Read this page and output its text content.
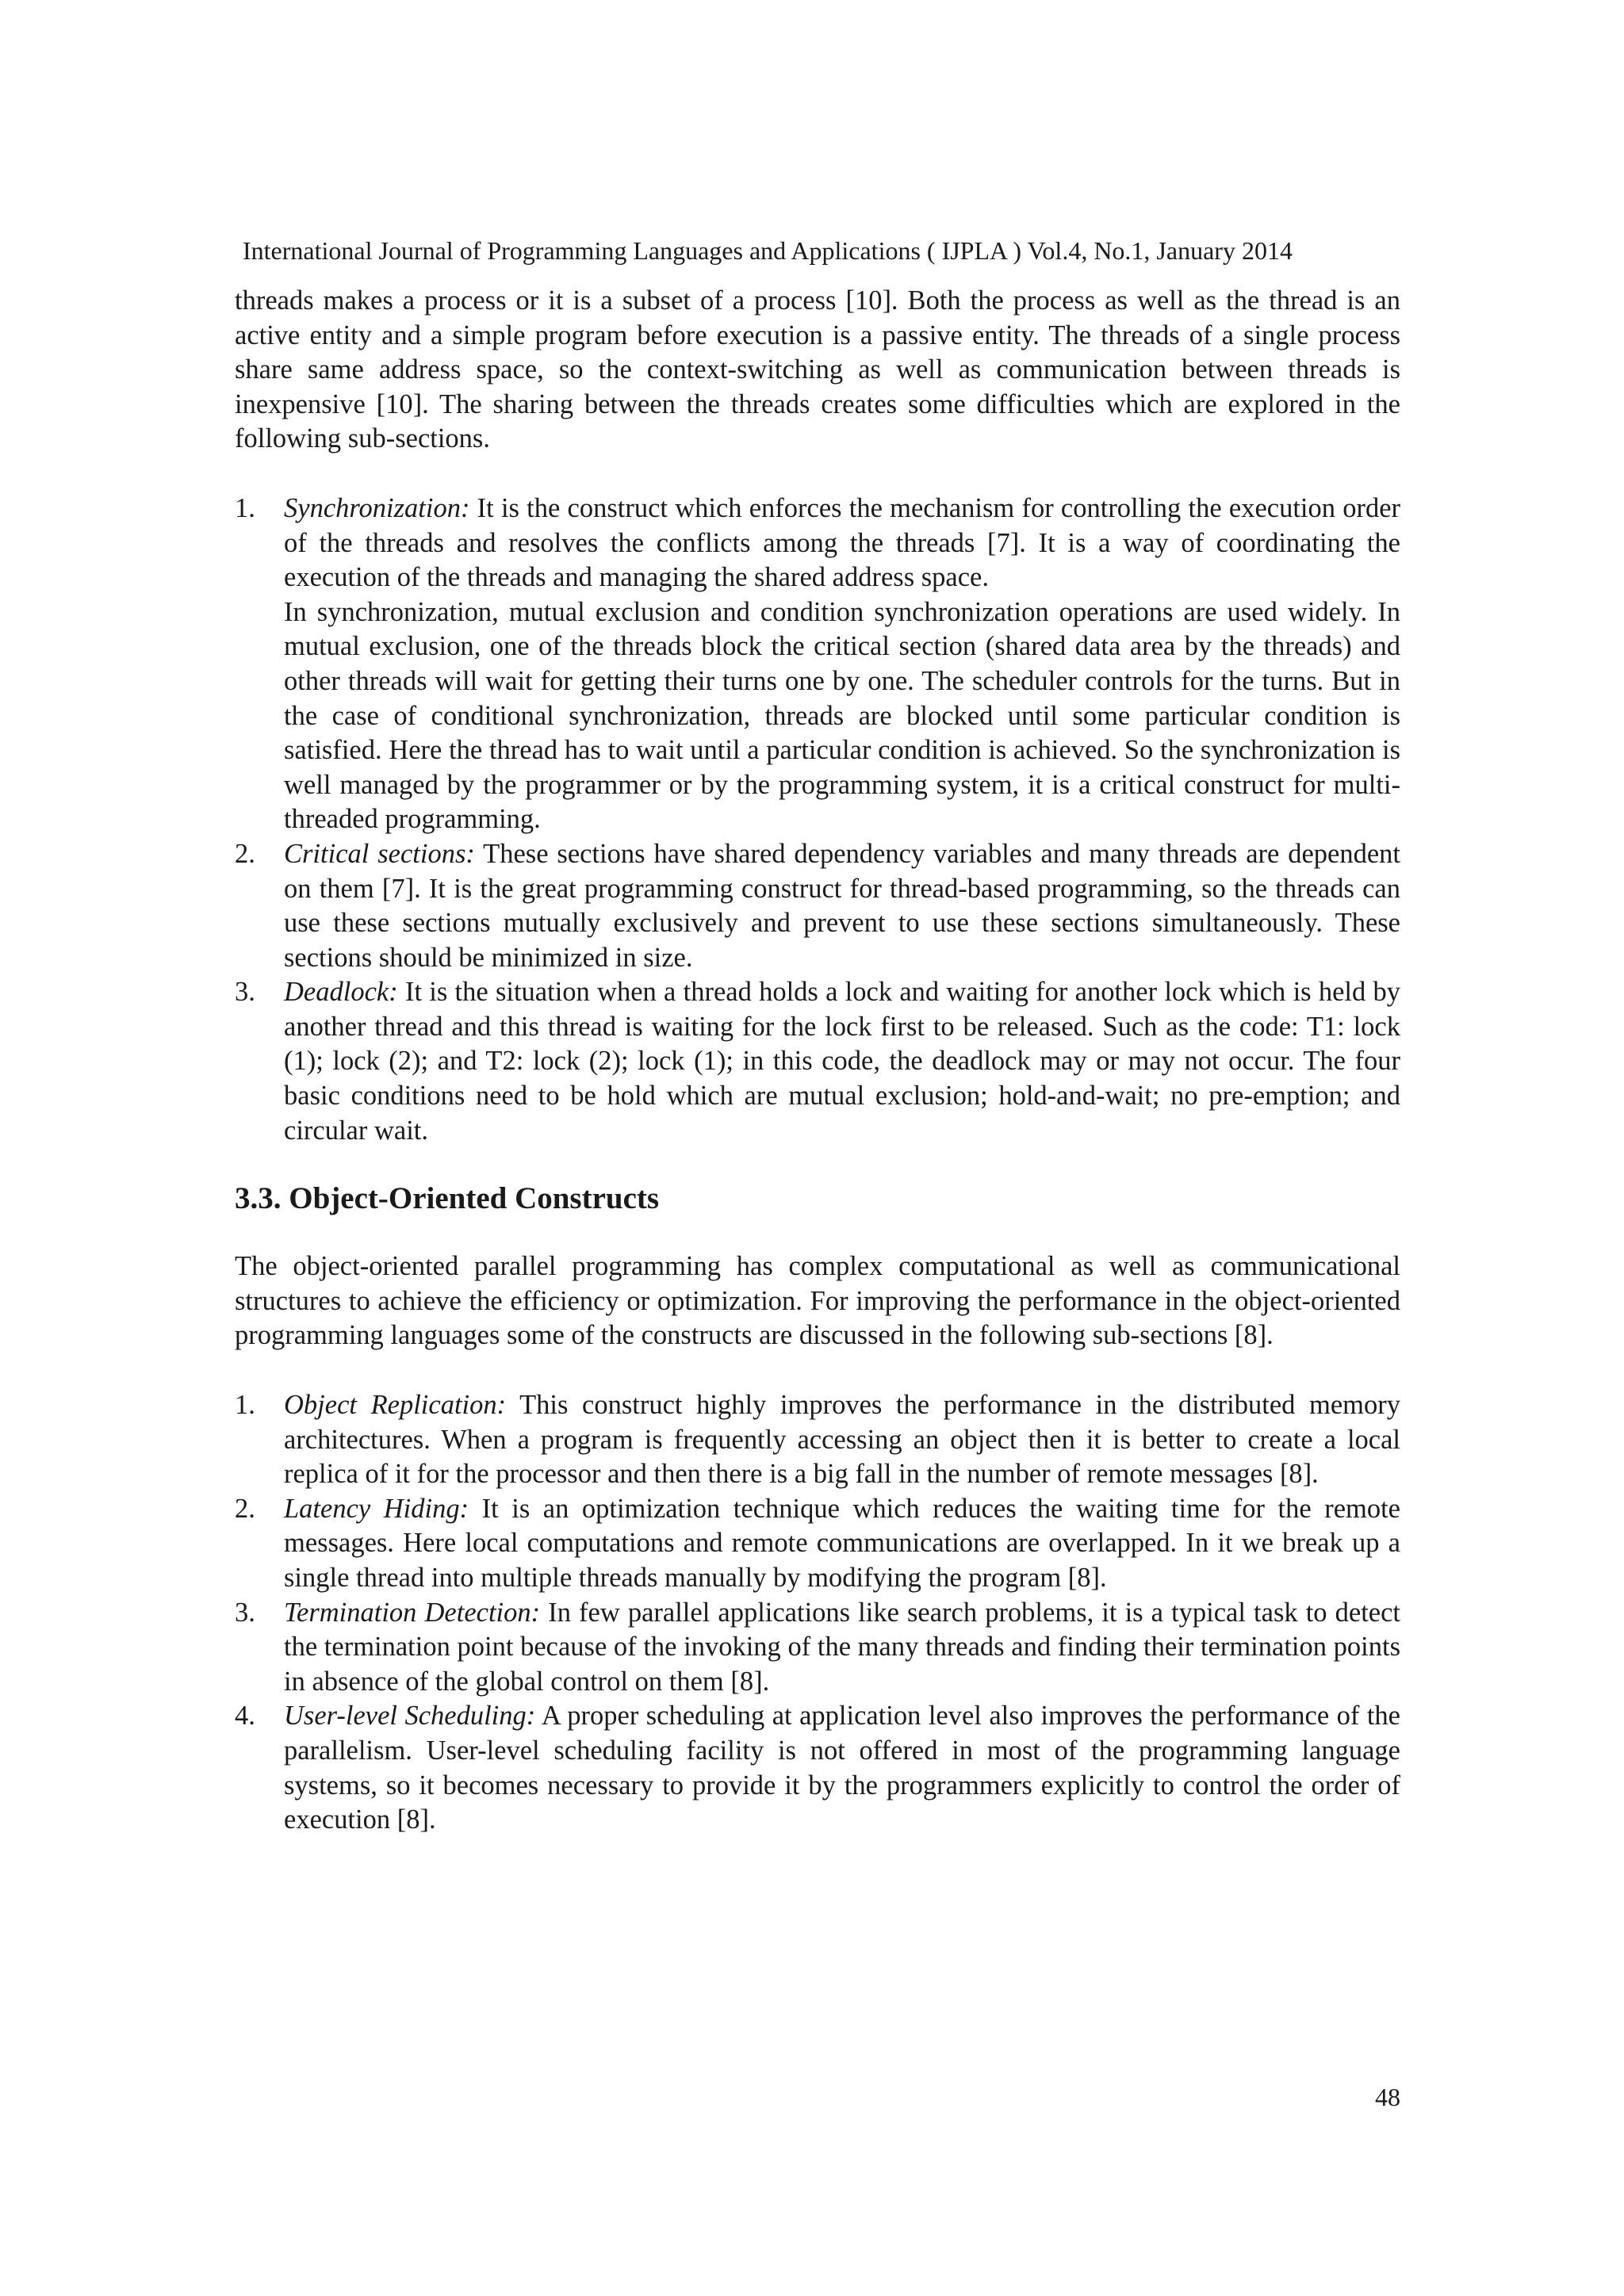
International Journal of Programming Languages and Applications ( IJPLA ) Vol.4, No.1, January 2014

threads makes a process or it is a subset of a process [10]. Both the process as well as the thread is an active entity and a simple program before execution is a passive entity. The threads of a single process share same address space, so the context-switching as well as communication between threads is inexpensive [10]. The sharing between the threads creates some difficulties which are explored in the following sub-sections.

1. Synchronization: It is the construct which enforces the mechanism for controlling the execution order of the threads and resolves the conflicts among the threads [7]. It is a way of coordinating the execution of the threads and managing the shared address space.

In synchronization, mutual exclusion and condition synchronization operations are used widely. In mutual exclusion, one of the threads block the critical section (shared data area by the threads) and other threads will wait for getting their turns one by one. The scheduler controls for the turns. But in the case of conditional synchronization, threads are blocked until some particular condition is satisfied. Here the thread has to wait until a particular condition is achieved. So the synchronization is well managed by the programmer or by the programming system, it is a critical construct for multi-threaded programming.

2. Critical sections: These sections have shared dependency variables and many threads are dependent on them [7]. It is the great programming construct for thread-based programming, so the threads can use these sections mutually exclusively and prevent to use these sections simultaneously. These sections should be minimized in size.

3. Deadlock: It is the situation when a thread holds a lock and waiting for another lock which is held by another thread and this thread is waiting for the lock first to be released. Such as the code: T1: lock (1); lock (2); and T2: lock (2); lock (1); in this code, the deadlock may or may not occur. The four basic conditions need to be hold which are mutual exclusion; hold-and-wait; no pre-emption; and circular wait.

3.3. Object-Oriented Constructs

The object-oriented parallel programming has complex computational as well as communicational structures to achieve the efficiency or optimization. For improving the performance in the object-oriented programming languages some of the constructs are discussed in the following sub-sections [8].

1. Object Replication: This construct highly improves the performance in the distributed memory architectures. When a program is frequently accessing an object then it is better to create a local replica of it for the processor and then there is a big fall in the number of remote messages [8].

2. Latency Hiding: It is an optimization technique which reduces the waiting time for the remote messages. Here local computations and remote communications are overlapped. In it we break up a single thread into multiple threads manually by modifying the program [8].

3. Termination Detection: In few parallel applications like search problems, it is a typical task to detect the termination point because of the invoking of the many threads and finding their termination points in absence of the global control on them [8].

4. User-level Scheduling: A proper scheduling at application level also improves the performance of the parallelism. User-level scheduling facility is not offered in most of the programming language systems, so it becomes necessary to provide it by the programmers explicitly to control the order of execution [8].

48
